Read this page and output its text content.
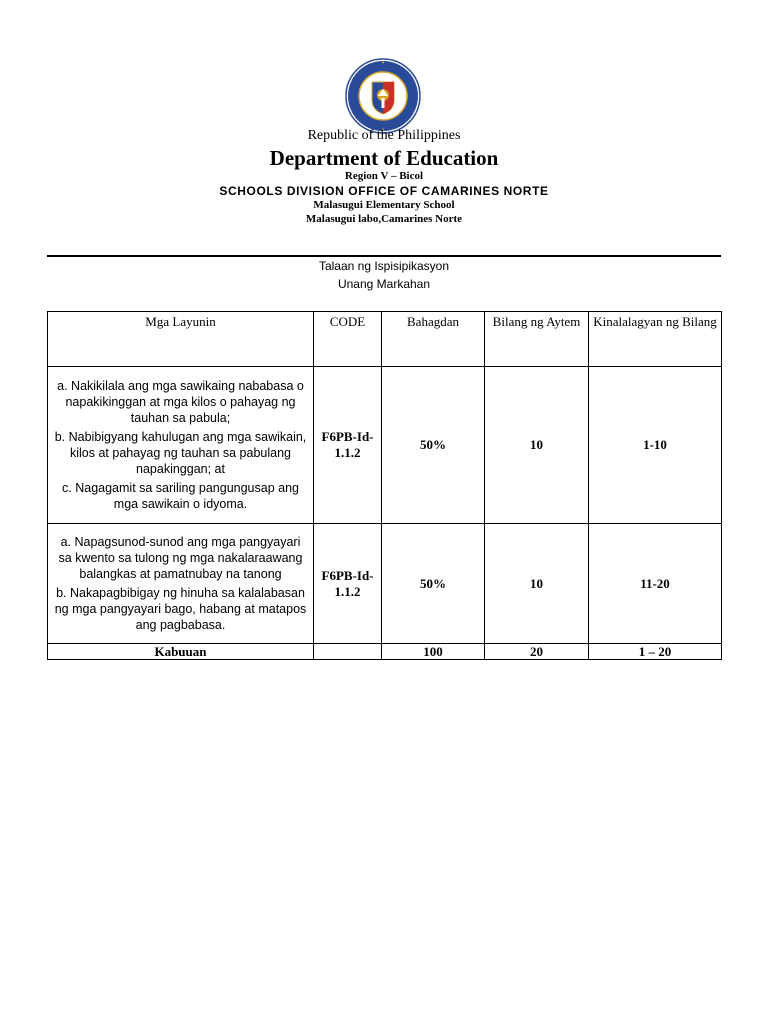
Republic of the Philippines
Department of Education
Region V – Bicol
SCHOOLS DIVISION OFFICE OF CAMARINES NORTE
Malasugui Elementary School
Malasugui labo,Camarines Norte
Talaan ng Ispisipikasyon
Unang Markahan
Mga Layunin	CODE	Bahagdan	Bilang ng Aytem	Kinalalagyan ng Bilang

a. Nakikilala ang mga sawikaing nababasa o napakikinggan at mga kilos o pahayag ng tauhan sa pabula;

b. Nabibigyang kahulugan ang mga sawikain, kilos at pahayag ng tauhan sa pabulang napakinggan; at

c. Nagagamit sa sariling pangungusap ang mga sawikain o idyoma.	F6PB-Id-1.1.2	50%	10	1-10

a. Napagsunod-sunod ang mga pangyayari sa kwento sa tulong ng mga nakalaraawang balangkas at pamatnubay na tanong

b. Nakapagbibigay ng hinuha sa kalalabasan ng mga pangyayari bago, habang at matapos ang pagbabasa.	F6PB-Id-1.1.2	50%	10	11-20
Kabuuan		100	20	1 – 20
